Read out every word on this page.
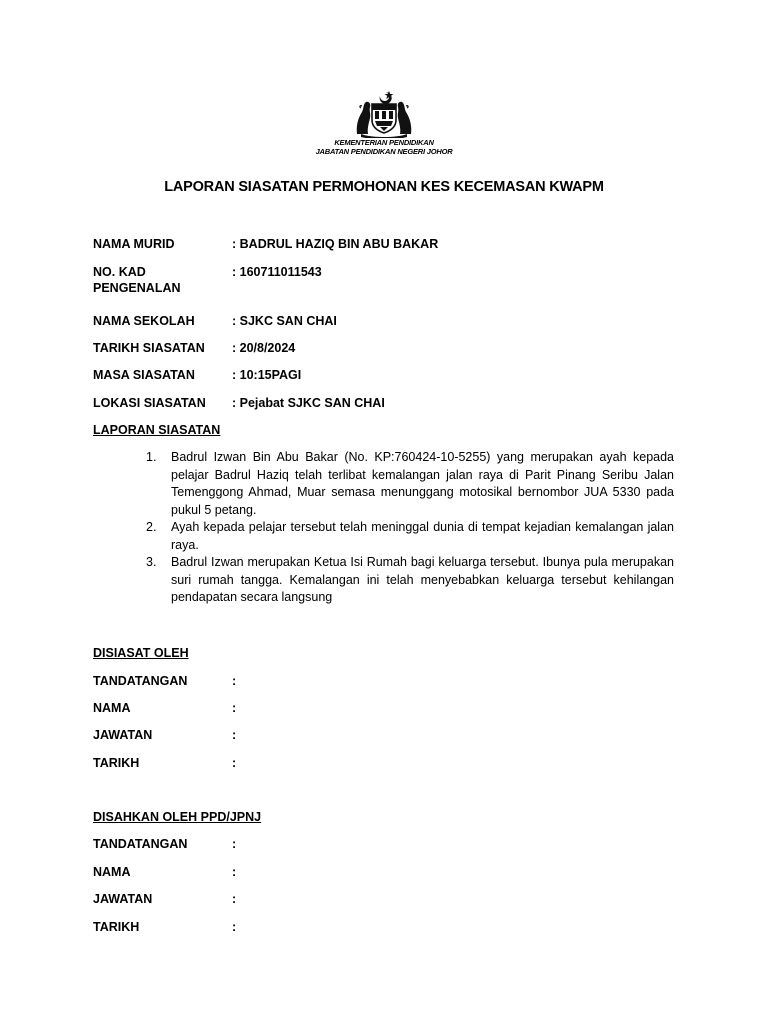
KEMENTERIAN PENDIDIKAN
JABATAN PENDIDIKAN NEGERI JOHOR
LAPORAN SIASATAN PERMOHONAN KES KECEMASAN KWAPM
NAMA MURID	: BADRUL HAZIQ BIN ABU BAKAR
NO. KAD
PENGENALAN
: 160711011543
NAMA SEKOLAH	: SJKC SAN CHAI
TARIKH SIASATAN	: 20/8/2024
MASA SIASATAN	: 10:15PAGI
LOKASI SIASATAN	: Pejabat SJKC SAN CHAI
LAPORAN SIASATAN
1. Badrul Izwan Bin Abu Bakar (No. KP:760424-10-5255) yang merupakan ayah kepada pelajar Badrul Haziq telah terlibat kemalangan jalan raya di Parit Pinang Seribu Jalan Temenggong Ahmad, Muar semasa menunggang motosikal bernombor JUA 5330 pada pukul 5 petang.
2. Ayah kepada pelajar tersebut telah meninggal dunia di tempat kejadian kemalangan jalan raya.
3. Badrul Izwan merupakan Ketua Isi Rumah bagi keluarga tersebut. Ibunya pula merupakan suri rumah tangga. Kemalangan ini telah menyebabkan keluarga tersebut kehilangan pendapatan secara langsung
DISIASAT OLEH
TANDATANGAN	:
NAMA	:
JAWATAN	:
TARIKH	:
DISAHKAN OLEH PPD/JPNJ
TANDATANGAN	:
NAMA	:
JAWATAN	:
TARIKH	:
